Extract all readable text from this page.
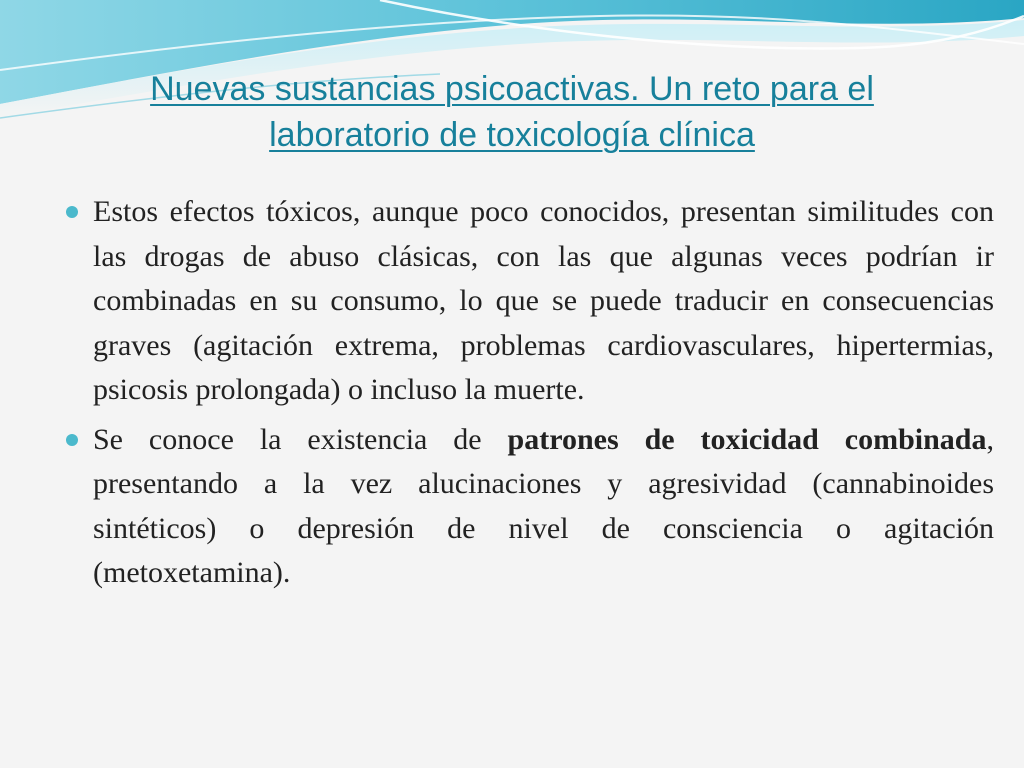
Nuevas sustancias psicoactivas. Un reto para el
laboratorio de toxicología clínica
Estos efectos tóxicos, aunque poco conocidos, presentan similitudes con las drogas de abuso clásicas, con las que algunas veces podrían ir combinadas en su consumo, lo que se puede traducir en consecuencias graves (agitación extrema, problemas cardiovasculares, hipertermias, psicosis prolongada) o incluso la muerte.
Se conoce la existencia de patrones de toxicidad combinada, presentando a la vez alucinaciones y agresividad (cannabinoides sintéticos) o depresión de nivel de consciencia o agitación (metoxetamina).
